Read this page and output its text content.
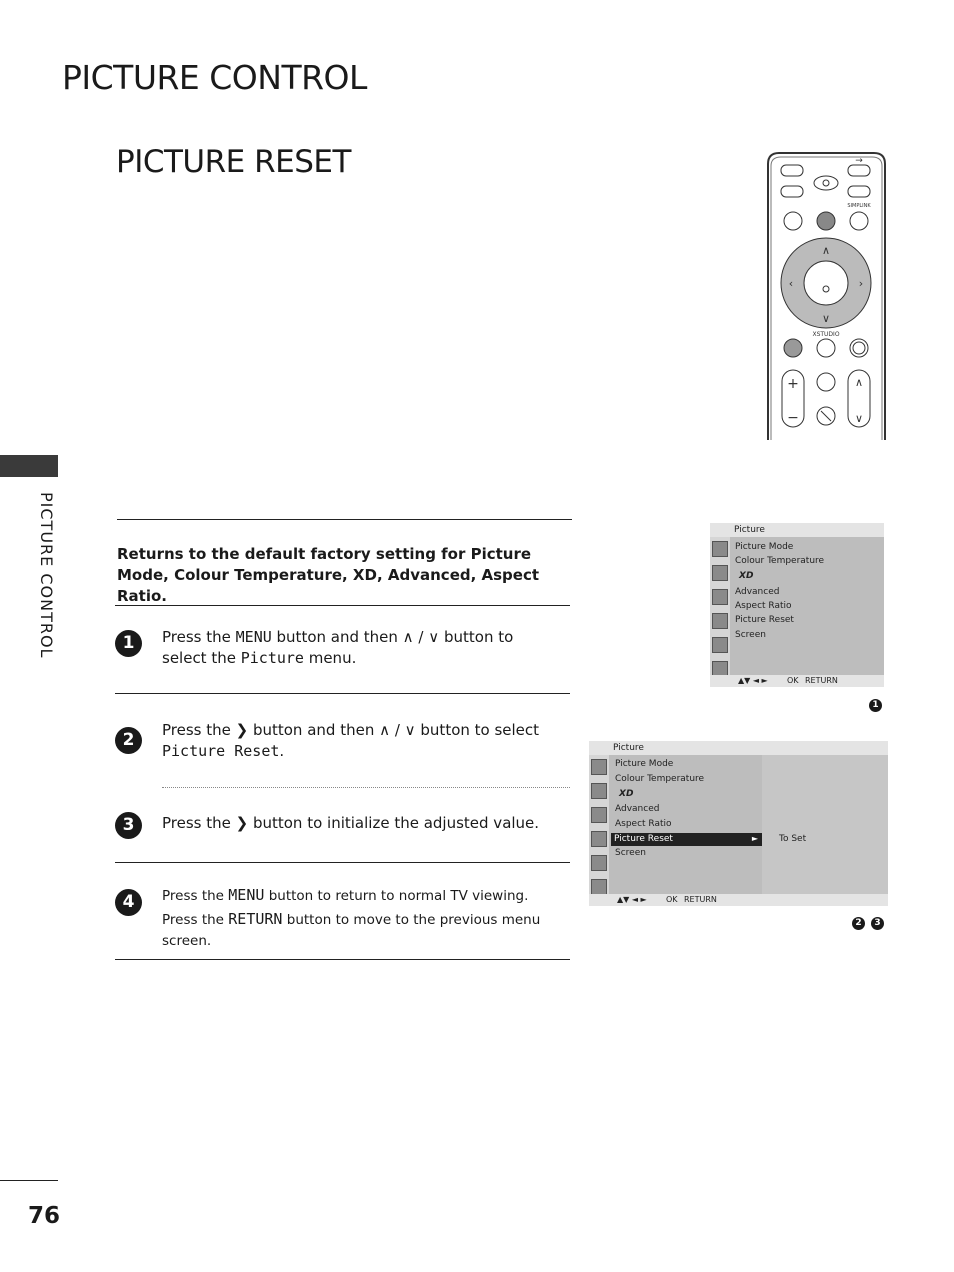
PICTURE CONTROL
PICTURE RESET
PICTURE CONTROL
→
SIMPLINK
∧
∨
‹	›
XSTUDIO
+
−
∧
∨
Returns to the default factory setting for Picture Mode, Colour Temperature, XD, Advanced, Aspect Ratio.
1	Press the MENU button and then ∧ / ∨ button to select the Picture menu.
2	Press the ❯ button and then ∧ / ∨ button to select Picture Reset.
3	Press the ❯ button to initialize the adjusted value.
4	Press the MENU button to return to normal TV viewing.
Press the RETURN button to move to the previous menu screen.
Picture
Picture Mode
Colour Temperature
XD
Advanced
Aspect Ratio
Picture Reset
Screen
▲▼ ◄ ► OK RETURN
1
Picture
Picture Mode
Colour Temperature
XD
Advanced
Aspect Ratio
Picture Reset	►
Screen
To Set
▲▼ ◄ ► OK RETURN
2	3
76
